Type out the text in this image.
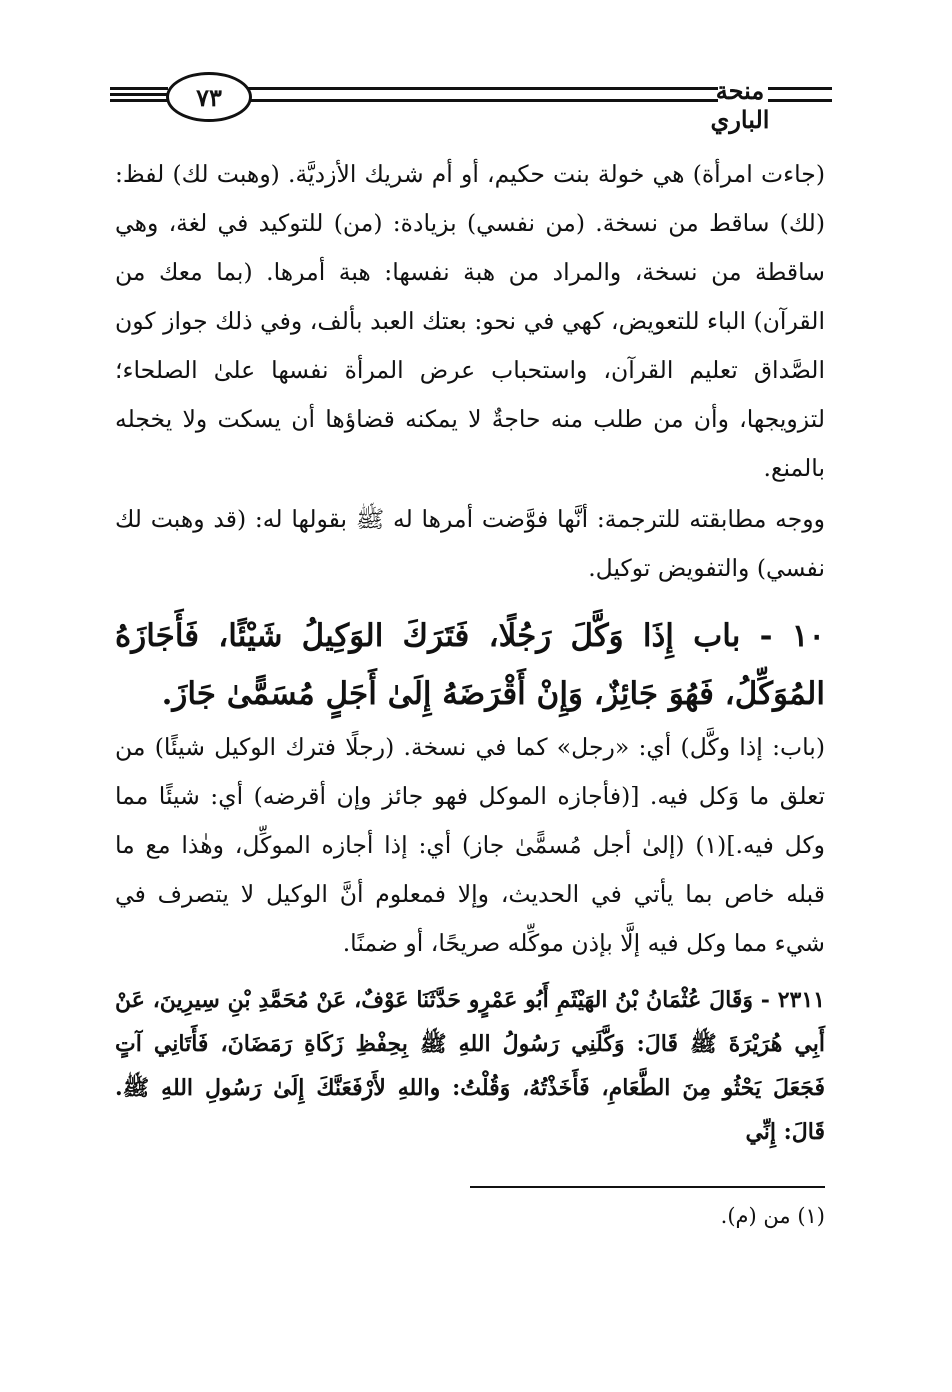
٧٣	منحة الباري

(جاءت امرأة) هي خولة بنت حكيم، أو أم شريك الأزديَّة. (وهبت لك) لفظ: (لك) ساقط من نسخة. (من نفسي) بزيادة: (من) للتوكيد في لغة، وهي ساقطة من نسخة، والمراد من هبة نفسها: هبة أمرها. (بما معك من القرآن) الباء للتعويض، كهي في نحو: بعتك العبد بألف، وفي ذلك جواز كون الصَّداق تعليم القرآن، واستحباب عرض المرأة نفسها علىٰ الصلحاء؛ لتزويجها، وأن من طلب منه حاجةٌ لا يمكنه قضاؤها أن يسكت ولا يخجله بالمنع.

ووجه مطابقته للترجمة: أنَّها فوَّضت أمرها له ﷺ بقولها له: (قد وهبت لك نفسي) والتفويض توكيل.

١٠ - باب إِذَا وَكَّلَ رَجُلًا، فَتَرَكَ الوَكِيلُ شَيْئًا، فَأَجَازَهُ المُوَكِّلُ، فَهُوَ جَائِزٌ، وَإِنْ أَقْرَضَهُ إِلَىٰ أَجَلٍ مُسَمًّىٰ جَازَ.

(باب: إذا وكَّل) أي: «رجل» كما في نسخة. (رجلًا فترك الوكيل شيئًا) من تعلق ما وَكل فيه. [(فأجازه الموكل فهو جائز وإن أقرضه) أي: شيئًا مما وكل فيه.](١) (إلىٰ أجل مُسمًّىٰ جاز) أي: إذا أجازه الموكِّل، وهٰذا مع ما قبله خاص بما يأتي في الحديث، وإلا فمعلوم أنَّ الوكيل لا يتصرف في شيء مما وكل فيه إلَّا بإذن موكِّله صريحًا، أو ضمنًا.

٢٣١١ - وَقَالَ عُثْمَانُ بْنُ الهَيْثَمِ أَبُو عَمْرٍو حَدَّثَنَا عَوْفٌ، عَنْ مُحَمَّدِ بْنِ سِيرِينَ، عَنْ أَبِي هُرَيْرَةَ ﷺ قَالَ: وَكَّلَنِي رَسُولُ اللهِ ﷺ بِحِفْظِ زَكَاةِ رَمَضَانَ، فَأَتَانِي آتٍ فَجَعَلَ يَحْثُو مِنَ الطَّعَامِ، فَأَخَذْتُهُ، وَقُلْتُ: واللهِ لأَرْفَعَنَّكَ إِلَىٰ رَسُولِ اللهِ ﷺ. قَالَ: إِنِّي

(١) من (م).
